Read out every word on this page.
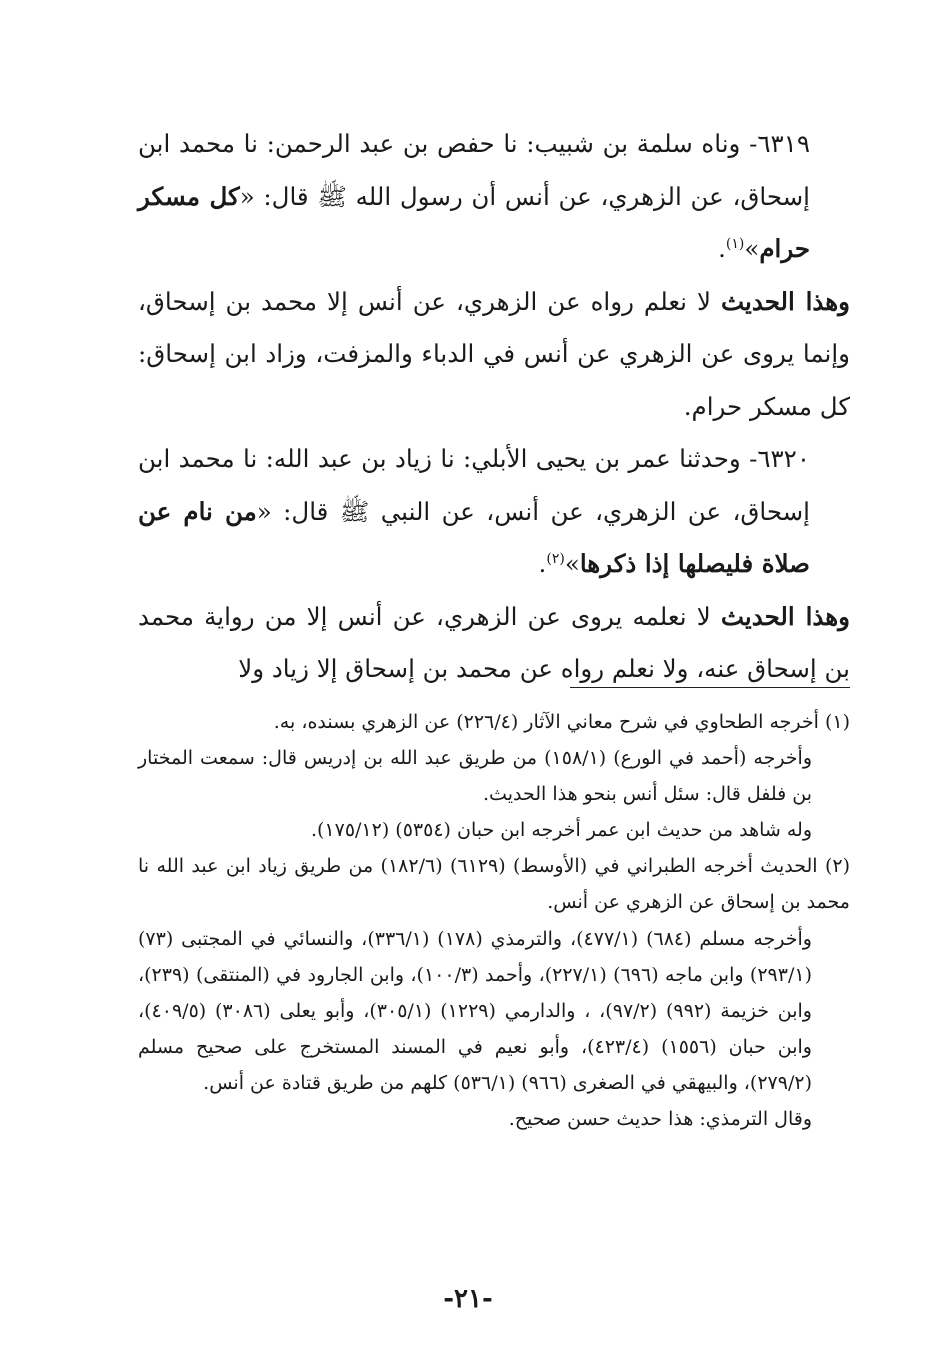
٦٣١٩- وناه سلمة بن شبيب: نا حفص بن عبد الرحمن: نا محمد ابن إسحاق، عن الزهري، عن أنس أن رسول الله ﷺ قال: «كل مسكر حرام»$^{(١)}$.

وهذا الحديث لا نعلم رواه عن الزهري، عن أنس إلا محمد بن إسحاق، وإنما يروى عن الزهري عن أنس في الدباء والمزفت، وزاد ابن إسحاق: كل مسكر حرام.

٦٣٢٠- وحدثنا عمر بن يحيى الأبلي: نا زياد بن عبد الله: نا محمد ابن إسحاق، عن الزهري، عن أنس، عن النبي ﷺ قال: «من نام عن صلاة فليصلها إذا ذكرها»$^{(٢)}$.

وهذا الحديث لا نعلمه يروى عن الزهري، عن أنس إلا من رواية محمد بن إسحاق عنه، ولا نعلم رواه عن محمد بن إسحاق إلا زياد ولا

(١) أخرجه الطحاوي في شرح معاني الآثار (٢٢٦/٤) عن الزهري بسنده، به.

وأخرجه (أحمد في الورع) (١٥٨/١) من طريق عبد الله بن إدريس قال: سمعت المختار بن فلفل قال: سئل أنس بنحو هذا الحديث.

وله شاهد من حديث ابن عمر أخرجه ابن حبان (٥٣٥٤) (١٧٥/١٢).

(٢) الحديث أخرجه الطبراني في (الأوسط) (٦١٢٩) (١٨٢/٦) من طريق زياد ابن عبد الله نا محمد بن إسحاق عن الزهري عن أنس.

وأخرجه مسلم (٦٨٤) (٤٧٧/١)، والترمذي (١٧٨) (٣٣٦/١)، والنسائي في المجتبى (٧٣) (٢٩٣/١) وابن ماجه (٦٩٦) (٢٢٧/١)، وأحمد (١٠٠/٣)، وابن الجارود في (المنتقى) (٢٣٩)، وابن خزيمة (٩٩٢) (٩٧/٢)، ، والدارمي (١٢٢٩) (٣٠٥/١)، وأبو يعلى (٣٠٨٦) (٤٠٩/٥)، وابن حبان (١٥٥٦) (٤٢٣/٤)، وأبو نعيم في المسند المستخرج على صحيح مسلم (٢٧٩/٢)، والبيهقي في الصغرى (٩٦٦) (٥٣٦/١) كلهم من طريق قتادة عن أنس.

وقال الترمذي: هذا حديث حسن صحيح.

-٢١-
